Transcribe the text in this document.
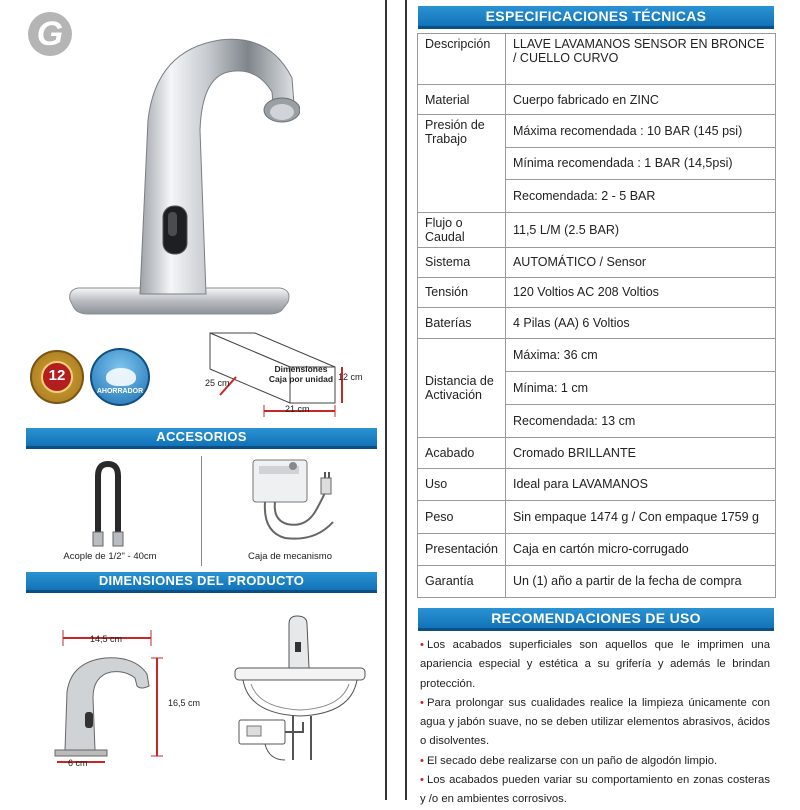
G
Dimensiones
Caja por unidad
25 cm
21 cm
12 cm
12
AHORRADOR
ACCESORIOS
Acople de 1/2" - 40cm	Caja de mecanismo
DIMENSIONES DEL PRODUCTO
14,5 cm
16,5 cm
6 cm
ESPECIFICACIONES TÉCNICAS
Descripción	LLAVE LAVAMANOS SENSOR EN BRONCE / CUELLO CURVO
Material	Cuerpo fabricado en ZINC
Presión de Trabajo	Máxima recomendada : 10 BAR (145 psi)
	Mínima recomendada : 1 BAR (14,5psi)
	Recomendada: 2 - 5 BAR
Flujo o Caudal	11,5 L/M (2.5 BAR)
Sistema	AUTOMÁTICO / Sensor
Tensión	120 Voltios AC 208 Voltios
Baterías	4 Pilas (AA) 6 Voltios
Distancia de Activación	Máxima: 36 cm
	Mínima: 1 cm
	Recomendada: 13 cm
Acabado	Cromado BRILLANTE
Uso	Ideal para LAVAMANOS
Peso	Sin empaque 1474 g / Con empaque 1759 g
Presentación	Caja en cartón micro-corrugado
Garantía	Un (1) año a partir de la fecha de compra
RECOMENDACIONES DE USO
• Los acabados superficiales son aquellos que le imprimen una apariencia especial y estética a su grifería y además le brindan protección.
• Para prolongar sus cualidades realice la limpieza únicamente con agua y jabón suave, no se deben utilizar elementos abrasivos, ácidos o disolventes.
• El secado debe realizarse con un paño de algodón limpio.
• Los acabados pueden variar su comportamiento en zonas costeras y /o en ambientes corrosivos.
